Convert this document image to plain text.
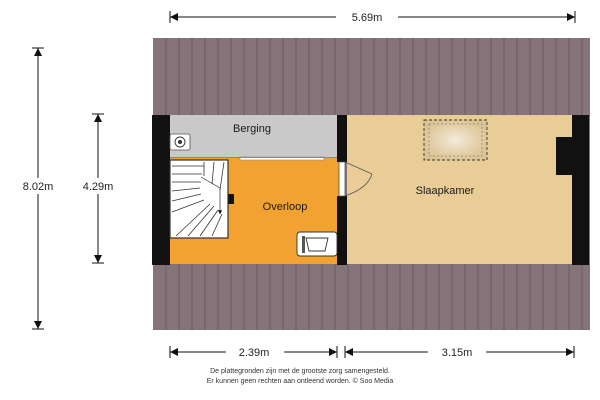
Berging
Overloop
Slaapkamer
5.69m
8.02m	4.29m
2.39m	3.15m
De plattegronden zijn met de grootste zorg samengesteld.
Er kunnen geen rechten aan ontleend worden. © Soo Media
